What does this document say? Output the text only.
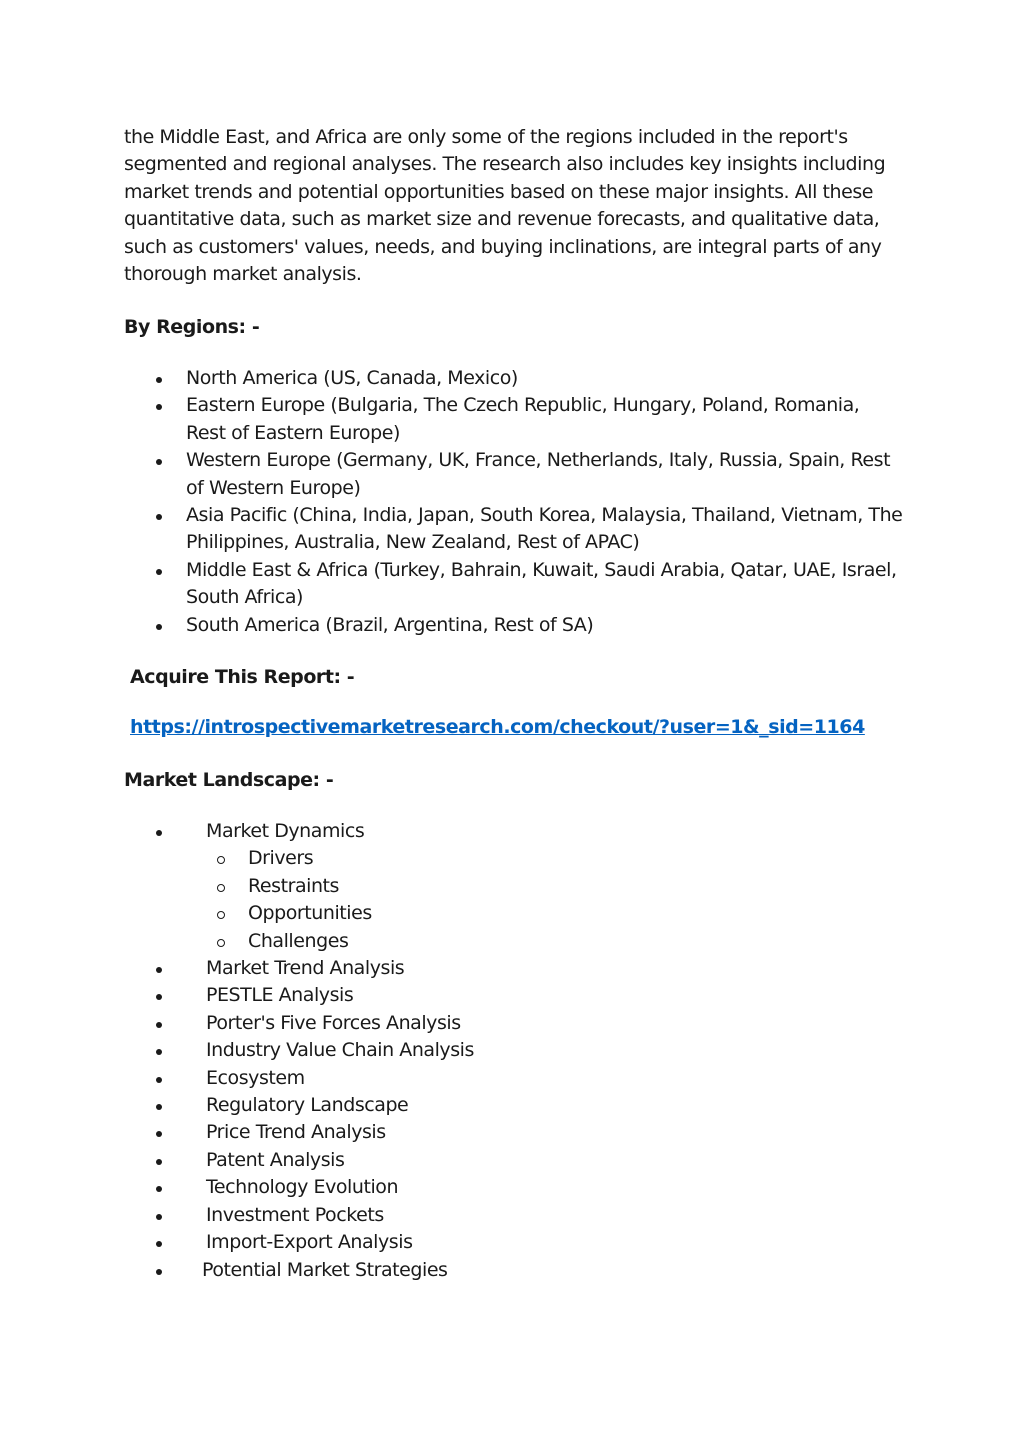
the Middle East, and Africa are only some of the regions included in the report's segmented and regional analyses. The research also includes key insights including market trends and potential opportunities based on these major insights. All these quantitative data, such as market size and revenue forecasts, and qualitative data, such as customers' values, needs, and buying inclinations, are integral parts of any thorough market analysis.

By Regions: -
North America (US, Canada, Mexico)
Eastern Europe (Bulgaria, The Czech Republic, Hungary, Poland, Romania, Rest of Eastern Europe)
Western Europe (Germany, UK, France, Netherlands, Italy, Russia, Spain, Rest of Western Europe)
Asia Pacific (China, India, Japan, South Korea, Malaysia, Thailand, Vietnam, The Philippines, Australia, New Zealand, Rest of APAC)
Middle East & Africa (Turkey, Bahrain, Kuwait, Saudi Arabia, Qatar, UAE, Israel, South Africa)
South America (Brazil, Argentina, Rest of SA)
Acquire This Report: -
https://introspectivemarketresearch.com/checkout/?user=1&_sid=1164
Market Landscape: -
Market Dynamics
Drivers
Restraints
Opportunities
Challenges
Market Trend Analysis
PESTLE Analysis
Porter's Five Forces Analysis
Industry Value Chain Analysis
Ecosystem
Regulatory Landscape
Price Trend Analysis
Patent Analysis
Technology Evolution
Investment Pockets
Import-Export Analysis
Potential Market Strategies
